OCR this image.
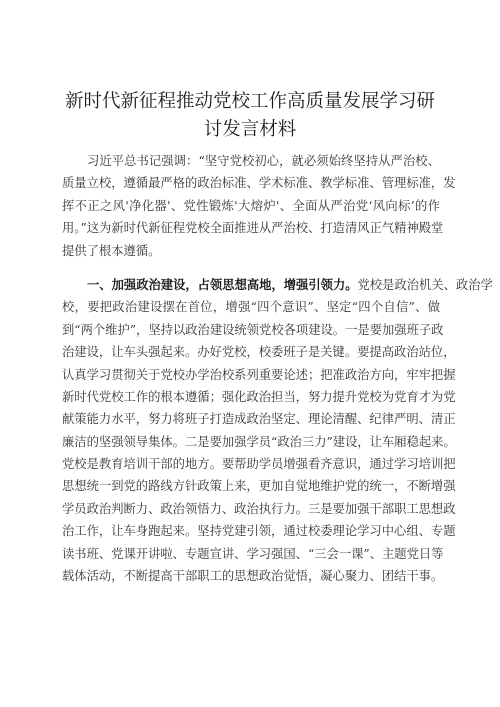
新时代新征程推动党校工作高质量发展学习研
讨发言材料
习近平总书记强调：“坚守党校初心，就必须始终坚持从严治校、
质量立校，遵循最严格的政治标准、学术标准、教学标准、管理标准，发
挥不正之风'净化器'、党性锻炼'大熔炉'、全面从严治党‘风向标’的作
用。”这为新时代新征程党校全面推进从严治校、打造清风正气精神殿堂
提供了根本遵循。
一、加强政治建设，占领思想高地，增强引领力。党校是政治机关、政治学
校，要把政治建设摆在首位，增强“四个意识”、坚定“四个自信”、做
到“两个维护”，坚持以政治建设统领党校各项建设。一是要加强班子政
治建设，让车头强起来。办好党校，校委班子是关键。要提高政治站位，
认真学习贯彻关于党校办学治校系列重要论述；把准政治方向，牢牢把握
新时代党校工作的根本遵循；强化政治担当，努力提升党校为党育才为党
献策能力水平，努力将班子打造成政治坚定、理论清醒、纪律严明、清正
廉洁的坚强领导集体。二是要加强学员“政治三力”建设，让车厢稳起来。
党校是教育培训干部的地方。要帮助学员增强看齐意识，通过学习培训把
思想统一到党的路线方针政策上来，更加自觉地维护党的统一，不断增强
学员政治判断力、政治领悟力、政治执行力。三是要加强干部职工思想政
治工作，让车身跑起来。坚持党建引领，通过校委理论学习中心组、专题
读书班、党课开讲啦、专题宣讲、学习强国、“三会一课”、主题党日等
载体活动，不断提高干部职工的思想政治觉悟，凝心聚力、团结干事。
